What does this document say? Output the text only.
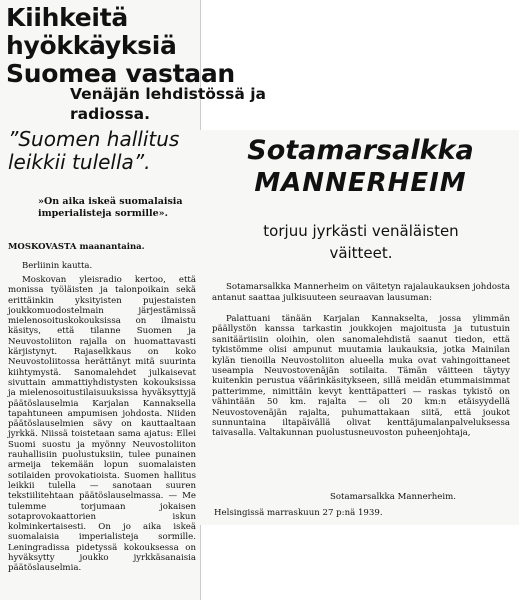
Kiihkeitä hyökkäyksiä
Suomea vastaan
Venäjän lehdistössä ja
radiossa.
”Suomen hallitus
leikkii tulella”.
»On aika iskeä suomalaisia imperialisteja sormille».
MOSKOVASTA maanantaina.
Berliinin kautta.
Moskovan yleisradio kertoo, että monissa työläisten ja talonpoikain sekä erittäinkin yksityisten pujestaisten joukkomuodostelmain järjestämissä mielenosoituskokouksissa on ilmaistu käsitys, että tilanne Suomen ja Neuvostoliiton rajalla on huomattavasti kärjistynyt. Rajaselkkaus on koko Neuvostoliitossa herättänyt mitä suurinta kiihtymystä. Sanomalehdet julkaisevat sivuttain ammattiyhdistysten kokouksissa ja mielenosoitustilaisuuksissa hyväksyttyjä päätöslauselmia Karjalan Kannaksella tapahtuneen ampumisen johdosta. Niiden päätöslauselmien sävy on kauttaaltaan jyrkkä. Niissä toistetaan sama ajatus: Ellei Suomi suostu ja myönny Neuvostoliiton rauhallisiin puolustuksiin, tulee punainen armeija tekemään lopun suomalaisten sotilaiden provokatioista. Suomen hallitus leikkii tulella — sanotaan suuren tekstiilitehtaan päätöslauselmassa. — Me tulemme torjumaan jokaisen sotaprovokaattorien iskun kolminkertaisesti. On jo aika iskeä suomalaisia imperialisteja sormille. Leningradissa pidetyssä kokouksessa on hyväksytty joukko jyrkkäsanaisia päätöslauselmia.
Sotamarsalkka
MANNERHEIM
torjuu jyrkästi venäläisten
väitteet.
Sotamarsalkka Mannerheim on väitetyn rajalaukauksen johdosta antanut saattaa julkisuuteen seuraavan lausuman:
Palattuani tänään Karjalan Kannakselta, jossa ylimmän päällystön kanssa tarkastin joukkojen majoitusta ja tutustuin sanitääriisiin oloihin, olen sanomalehdistä saanut tiedon, että tykistömme olisi ampunut muutamia laukauksia, jotka Mainilan kylän tienoilla Neuvostoliiton alueella muka ovat vahingoittaneet useampia Neuvostovenäjän sotilaita. Tämän väitteen täytyy kuitenkin perustua väärinkäsitykseen, sillä meidän etummaisimmat patterimme, nimittäin kevyt kenttäpatteri — raskas tykistö on vähintään 50 km. rajalta — oli 20 km:n etäisyydellä Neuvostovenäjän rajalta, puhumattakaan siitä, että joukot sunnuntaina iltapäivällä olivat kenttäjumalanpalveluksessa taivasalla. Valtakunnan puolustusneuvoston puheenjohtaja,
Sotamarsalkka Mannerheim.
Helsingissä marraskuun 27 p:nä 1939.
